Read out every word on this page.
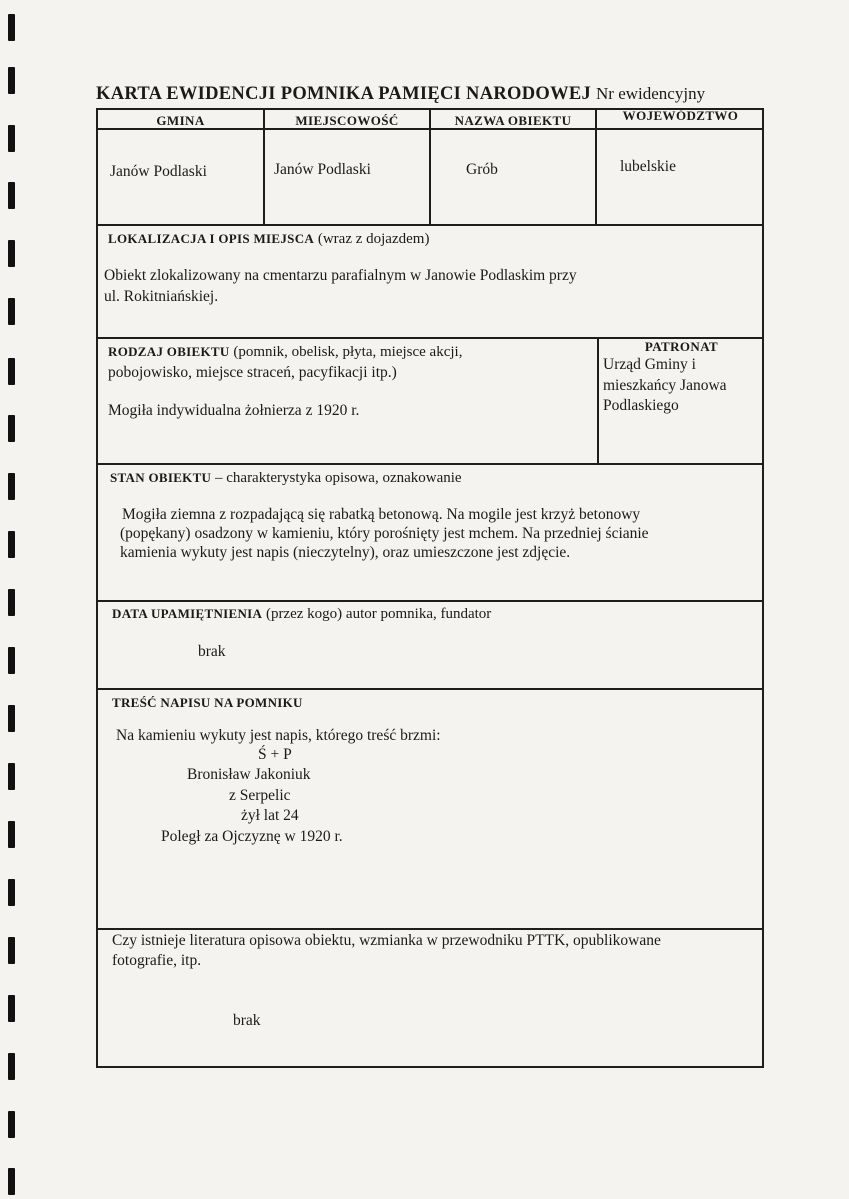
KARTA EWIDENCJI POMNIKA PAMIĘCI NARODOWEJ Nr ewidencyjny
GMINA	MIEJSCOWOŚĆ	NAZWA OBIEKTU	WOJEWÓDZTWO
Janów Podlaski	Janów Podlaski	Grób	lubelskie
LOKALIZACJA I OPIS MIEJSCA (wraz z dojazdem)
Obiekt zlokalizowany na cmentarzu parafialnym w Janowie Podlaskim przy
ul. Rokitniańskiej.
RODZAJ OBIEKTU (pomnik, obelisk, płyta, miejsce akcji,
pobojowisko, miejsce straceń, pacyfikacji itp.)
Mogiła indywidualna żołnierza z 1920 r.
PATRONAT
Urząd Gminy i
mieszkańcy Janowa
Podlaskiego
STAN OBIEKTU – charakterystyka opisowa, oznakowanie
Mogiła ziemna z rozpadającą się rabatką betonową. Na mogile jest krzyż betonowy
(popękany) osadzony w kamieniu, który porośnięty jest mchem. Na przedniej ścianie
kamienia wykuty jest napis (nieczytelny), oraz umieszczone jest zdjęcie.
DATA UPAMIĘTNIENIA (przez kogo) autor pomnika, fundator
brak
TREŚĆ NAPISU NA POMNIKU
Na kamieniu wykuty jest napis, którego treść brzmi:
Ś + P
Bronisław Jakoniuk
z Serpelic
żył lat 24
Poległ za Ojczyznę w 1920 r.
Czy istnieje literatura opisowa obiektu, wzmianka w przewodniku PTTK, opublikowane
fotografie, itp.
brak
